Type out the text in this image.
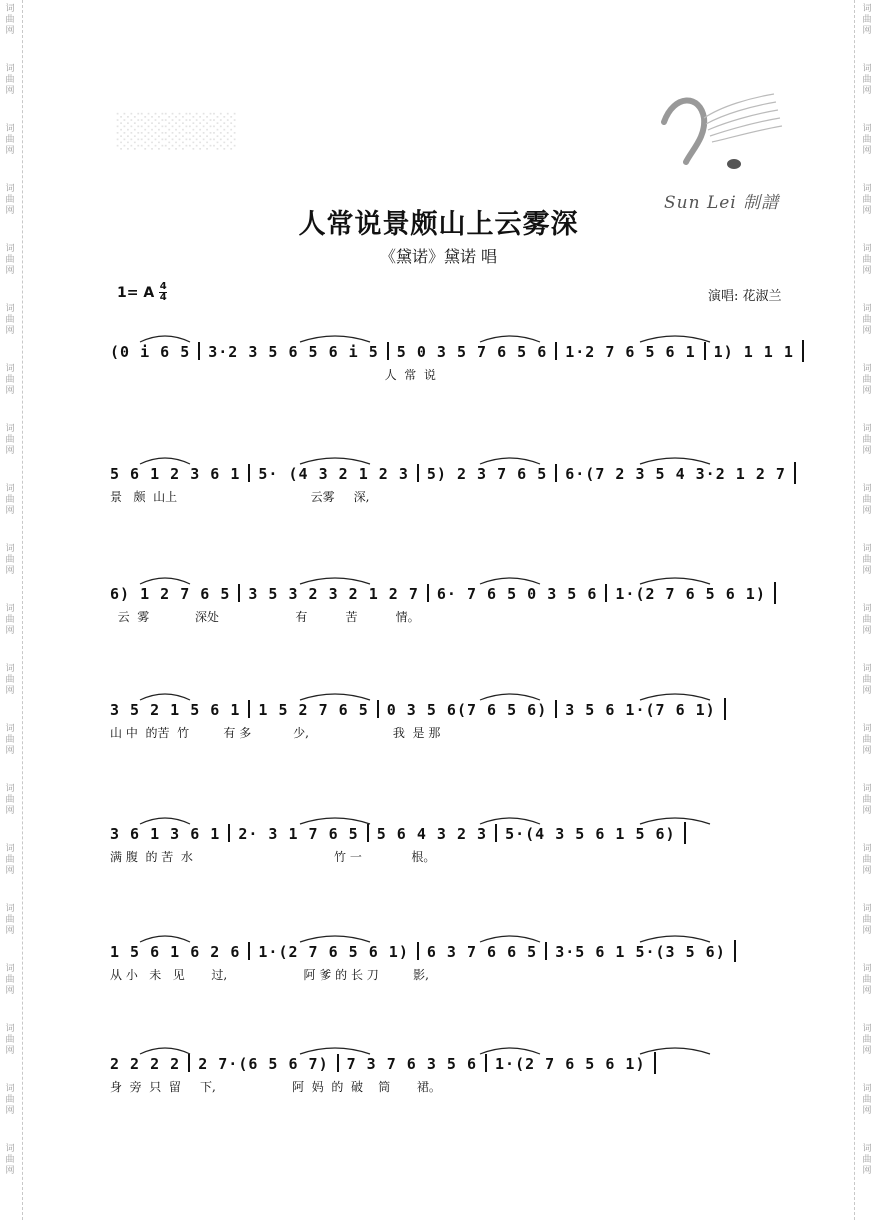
词
曲
网
词
曲
网
词
曲
网
词
曲
网
词
曲
网
词
曲
网
词
曲
网
词
曲
网
词
曲
网
词
曲
网
词
曲
网
词
曲
网
词
曲
网
词
曲
网
词
曲
网
词
曲
网
词
曲
网
词
曲
网
词
曲
网
词
曲
网
词
曲
网
词
曲
网
词
曲
网
词
曲
网
词
曲
网
词
曲
网
词
曲
网
词
曲
网
词
曲
网
词
曲
网
词
曲
网
词
曲
网
词
曲
网
词
曲
网
词
曲
网
词
曲
网
词
曲
网
词
曲
网
词
曲
网
词
曲
网
░░░░░
Sun Lei 制譜
人常说景颇山上云雾深
《黛诺》黛诺 唱
1= A 4
4	演唱: 花淑兰
(0 i 6 5 3·2 3 5 6 5 6 i 5 5 0 3 5 7 6 5 6 1·2 7 6 5 6 1 1) 1 1 1
人  常  说
5 6 1 2 3 6 1 5· (4 3 2 1 2 3 5) 2 3 7 6 5 6·(7 2 3 5 4 3·2 1 2 7
景   颇  山上                                   云雾     深,
6) 1 2 7 6 5 3 5 3 2 3 2 1 2 7 6· 7 6 5 0 3 5 6 1·(2 7 6 5 6 1)
云  雾            深处                    有          苦          情。
3 5 2 1 5 6 1 1 5 2 7 6 5 0 3 5 6(7 6 5 6) 3 5 6 1·(7 6 1)
山 中  的苦  竹         有 多           少,                      我  是 那
3 6 1 3 6 1 2· 3 1 7 6 5 5 6 4 3 2 3 5·(4 3 5 6 1 5 6)
满 腹  的 苦  水                                     竹 一             根。
1 5 6 1 6 2 6 1·(2 7 6 5 6 1) 6 3 7 6 6 5 3·5 6 1 5·(3 5 6)
从 小   未   见       过,                    阿 爹 的 长 刀         影,
2 2 2 2 2 7·(6 5 6 7) 7 3 7 6 3 5 6 1·(2 7 6 5 6 1)
身  旁  只  留     下,                    阿  妈  的  破    筒       裙。
